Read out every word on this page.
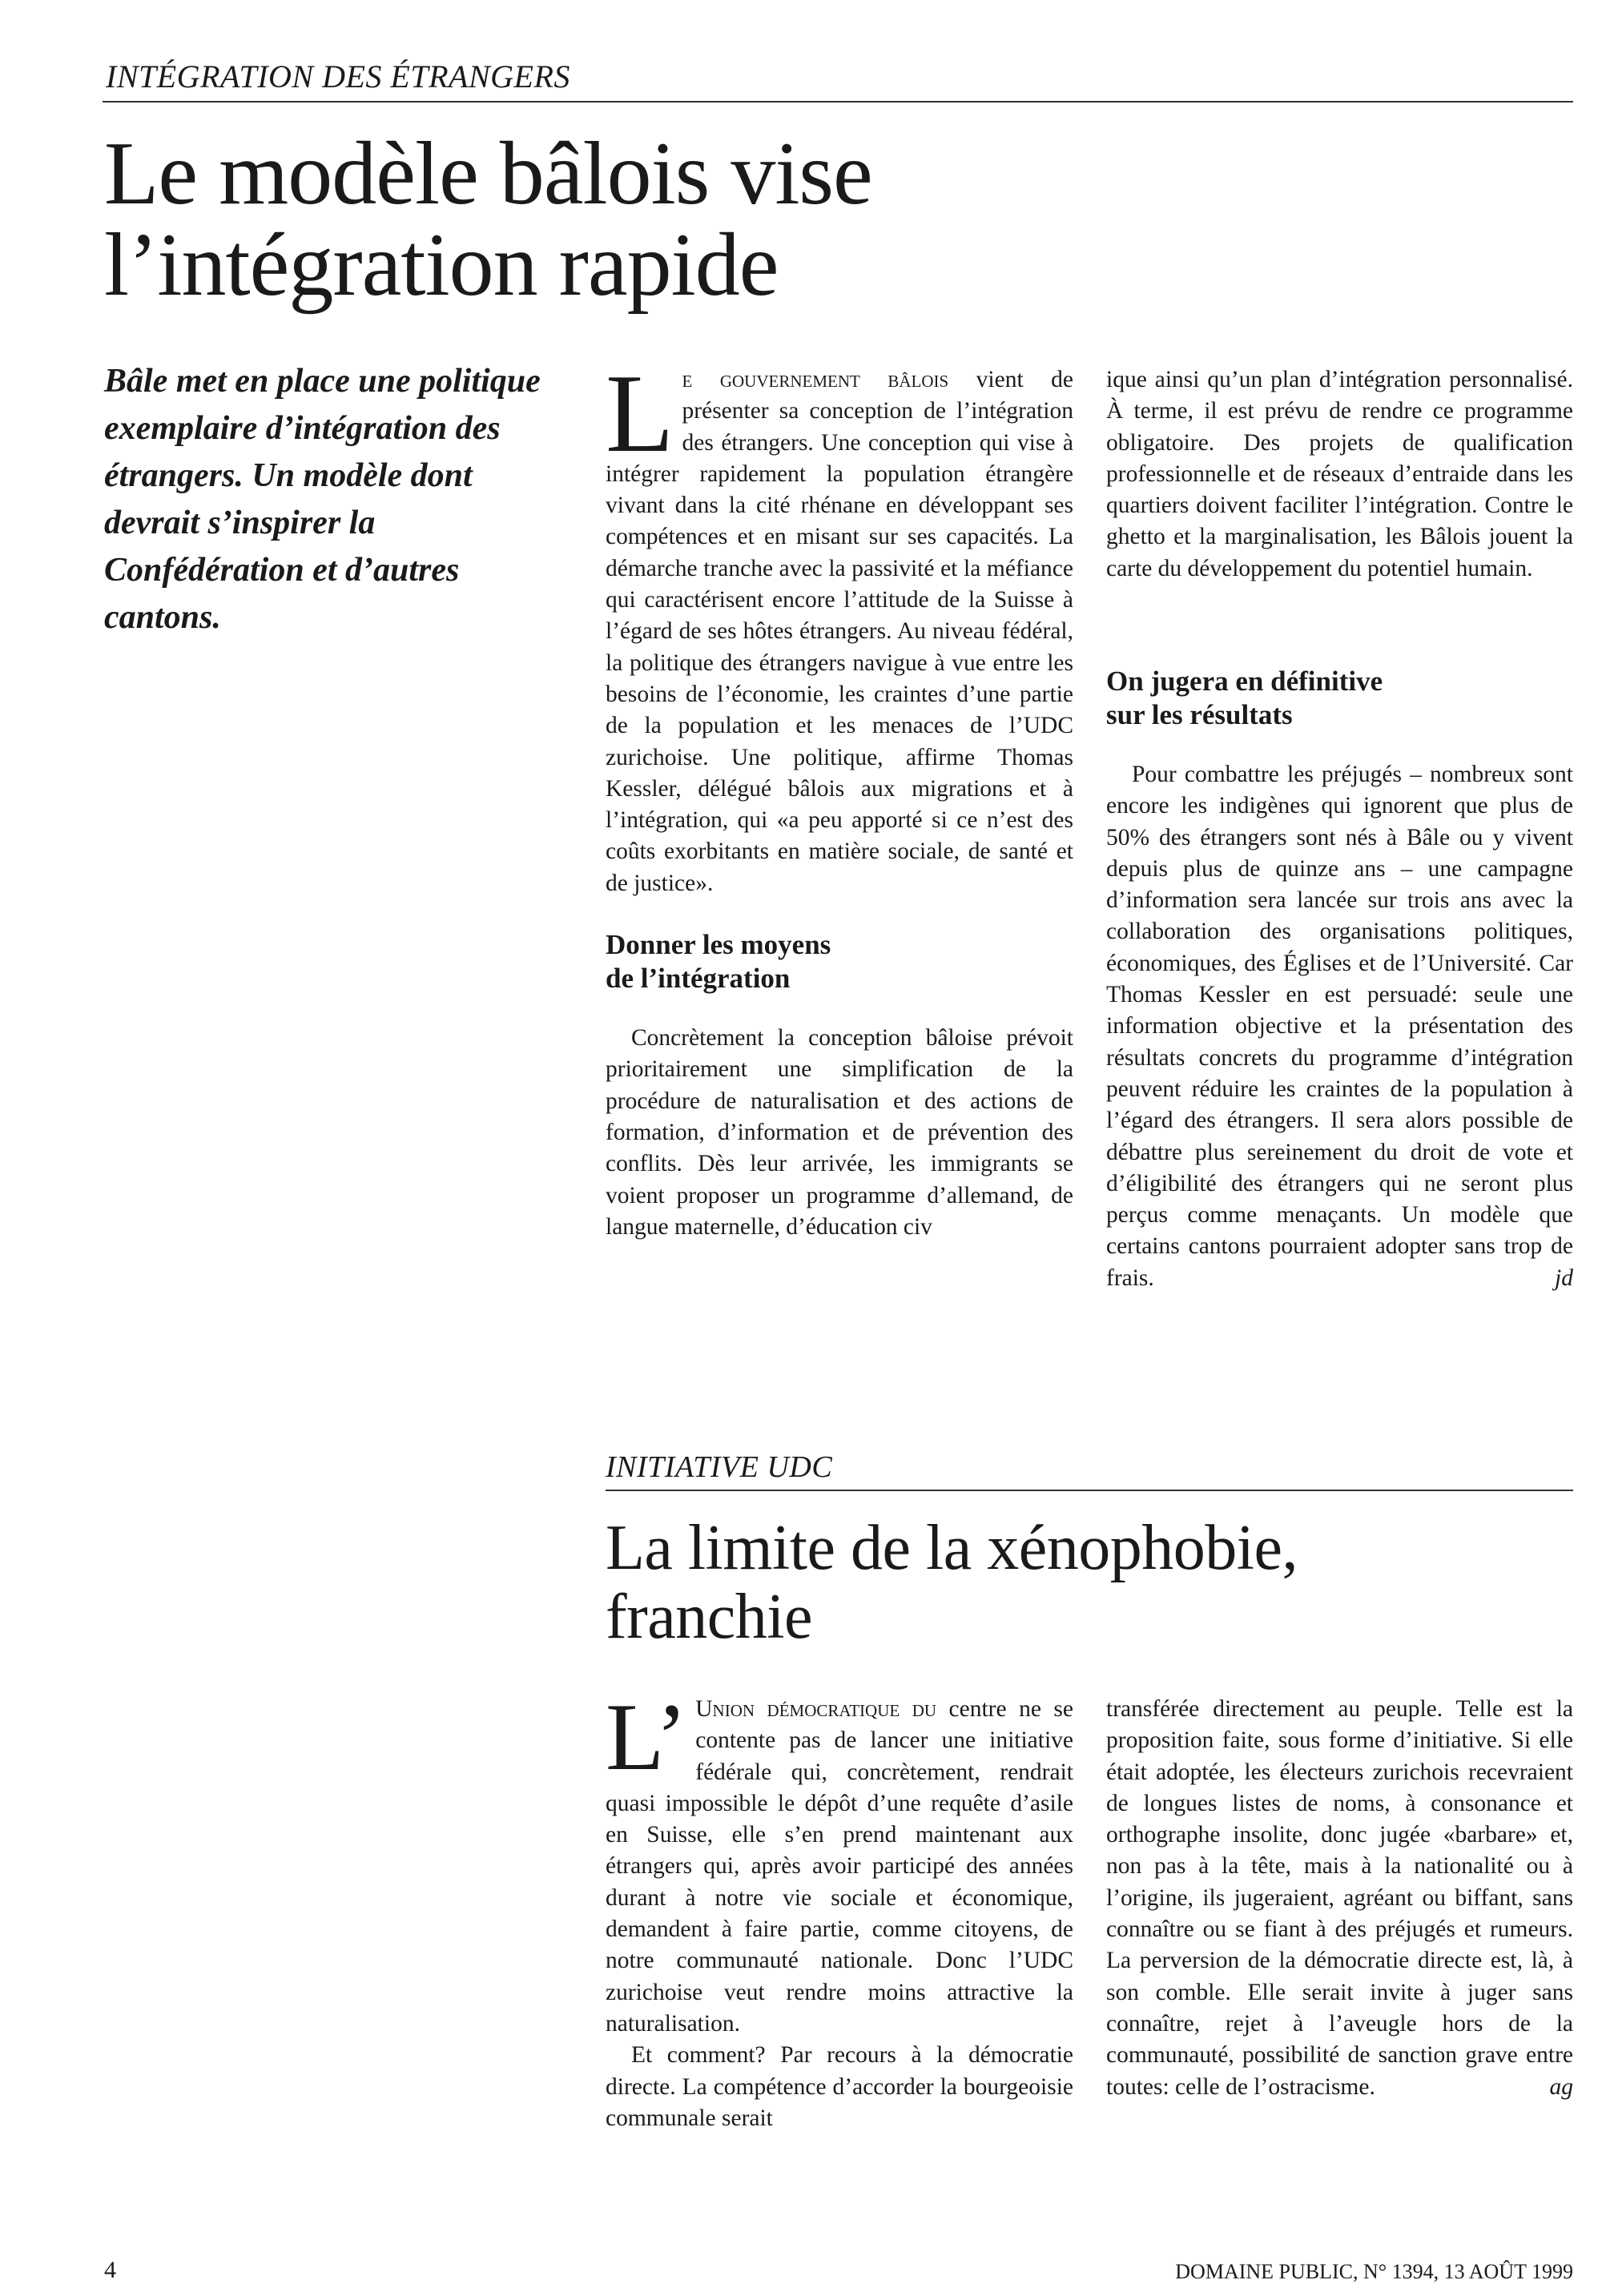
INTÉGRATION DES ÉTRANGERS
Le modèle bâlois vise
l’intégration rapide
Bâle met en place une politique exemplaire d’intégration des étrangers. Un modèle dont devrait s’inspirer la Confédération et d’autres cantons.

Le gouvernement bâlois vient de présenter sa conception de l’intégration des étrangers. Une conception qui vise à intégrer rapidement la population étrangère vivant dans la cité rhénane en développant ses compétences et en misant sur ses capacités. La démarche tranche avec la passivité et la méfiance qui caractérisent encore l’attitude de la Suisse à l’égard de ses hôtes étrangers. Au niveau fédéral, la politique des étrangers navigue à vue entre les besoins de l’économie, les craintes d’une partie de la population et les menaces de l’UDC zurichoise. Une politique, affirme Thomas Kessler, délégué bâlois aux migrations et à l’intégration, qui «a peu apporté si ce n’est des coûts exorbitants en matière sociale, de santé et de justice».

Donner les moyens
de l’intégration

Concrètement la conception bâloise prévoit prioritairement une simplification de la procédure de naturalisation et des actions de formation, d’information et de prévention des conflits. Dès leur arrivée, les immigrants se voient proposer un programme d’allemand, de langue maternelle, d’éducation civ

ique ainsi qu’un plan d’intégration personnalisé. À terme, il est prévu de rendre ce programme obligatoire. Des projets de qualification professionnelle et de réseaux d’entraide dans les quartiers doivent faciliter l’intégration. Contre le ghetto et la marginalisation, les Bâlois jouent la carte du développement du potentiel humain.

On jugera en définitive
sur les résultats

Pour combattre les préjugés – nombreux sont encore les indigènes qui ignorent que plus de 50% des étrangers sont nés à Bâle ou y vivent depuis plus de quinze ans – une campagne d’information sera lancée sur trois ans avec la collaboration des organisations politiques, économiques, des Églises et de l’Université. Car Thomas Kessler en est persuadé: seule une information objective et la présentation des résultats concrets du programme d’intégration peuvent réduire les craintes de la population à l’égard des étrangers. Il sera alors possible de débattre plus sereinement du droit de vote et d’éligibilité des étrangers qui ne seront plus perçus comme menaçants. Un modèle que certains cantons pourraient adopter sans trop de frais.	jd

INITIATIVE UDC
La limite de la xénophobie,
franchie

L’ Union démocratique du centre ne se contente pas de lancer une initiative fédérale qui, concrètement, rendrait quasi impossible le dépôt d’une requête d’asile en Suisse, elle s’en prend maintenant aux étrangers qui, après avoir participé des années durant à notre vie sociale et économique, demandent à faire partie, comme citoyens, de notre communauté nationale. Donc l’UDC zurichoise veut rendre moins attractive la naturalisation.

Et comment? Par recours à la démocratie directe. La compétence d’accorder la bourgeoisie communale serait

transférée directement au peuple. Telle est la proposition faite, sous forme d’initiative. Si elle était adoptée, les électeurs zurichois recevraient de longues listes de noms, à consonance et orthographe insolite, donc jugée «barbare» et, non pas à la tête, mais à la nationalité ou à l’origine, ils jugeraient, agréant ou biffant, sans connaître ou se fiant à des préjugés et rumeurs. La perversion de la démocratie directe est, là, à son comble. Elle serait invite à juger sans connaître, rejet à l’aveugle hors de la communauté, possibilité de sanction grave entre toutes: celle de l’ostracisme.	ag

4	DOMAINE PUBLIC, N° 1394, 13 AOÛT 1999
